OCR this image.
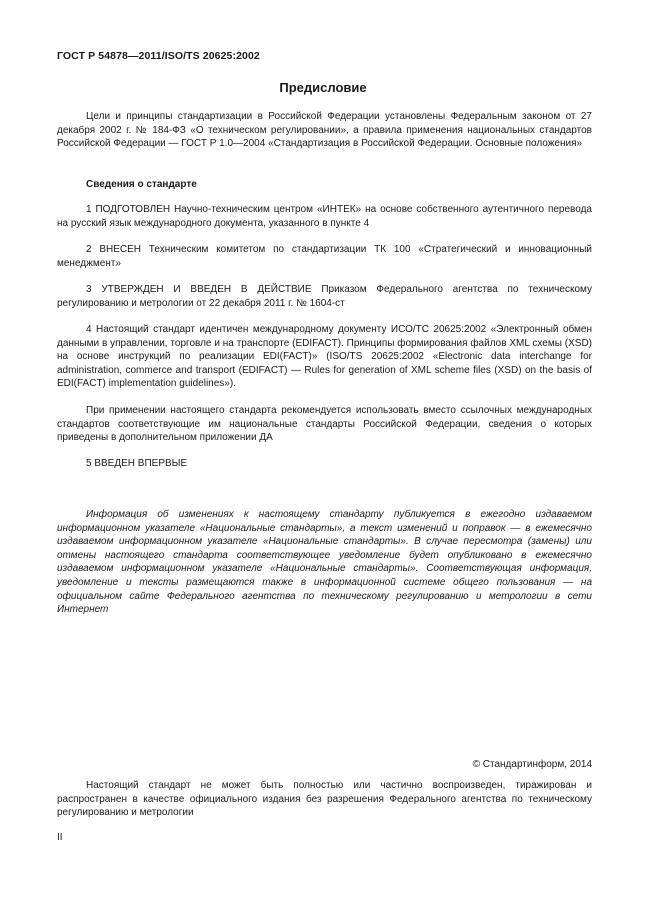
ГОСТ Р 54878—2011/ISO/TS 20625:2002
Предисловие
Цели и принципы стандартизации в Российской Федерации установлены Федеральным законом от 27 декабря 2002 г. № 184-ФЗ «О техническом регулировании», а правила применения национальных стандартов Российской Федерации — ГОСТ Р 1.0—2004 «Стандартизация в Российской Федерации. Основные положения»
Сведения о стандарте
1 ПОДГОТОВЛЕН Научно-техническим центром «ИНТЕК» на основе собственного аутентичного перевода на русский язык международного документа, указанного в пункте 4
2 ВНЕСЕН Техническим комитетом по стандартизации ТК 100 «Стратегический и инновационный менеджмент»
3 УТВЕРЖДЕН И ВВЕДЕН В ДЕЙСТВИЕ Приказом Федерального агентства по техническому регулированию и метрологии от 22 декабря 2011 г. № 1604-ст
4 Настоящий стандарт идентичен международному документу ИСО/ТС 20625:2002 «Электронный обмен данными в управлении, торговле и на транспорте (EDIFACT). Принципы формирования файлов XML схемы (XSD) на основе инструкций по реализации EDI(FACT)» (ISO/TS 20625:2002 «Electronic data interchange for administration, commerce and transport (EDIFACT) — Rules for generation of XML scheme files (XSD) on the basis of EDI(FACT) implementation guidelines»).
При применении настоящего стандарта рекомендуется использовать вместо ссылочных международных стандартов соответствующие им национальные стандарты Российской Федерации, сведения о которых приведены в дополнительном приложении ДА
5 ВВЕДЕН ВПЕРВЫЕ
Информация об изменениях к настоящему стандарту публикуется в ежегодно издаваемом информационном указателе «Национальные стандарты», а текст изменений и поправок — в ежемесячно издаваемом информационном указателе «Национальные стандарты». В случае пересмотра (замены) или отмены настоящего стандарта соответствующее уведомление будет опубликовано в ежемесячно издаваемом информационном указателе «Национальные стандарты». Соответствующая информация, уведомление и тексты размещаются также в информационной системе общего пользования — на официальном сайте Федерального агентства по техническому регулированию и метрологии в сети Интернет
© Стандартинформ, 2014
Настоящий стандарт не может быть полностью или частично воспроизведен, тиражирован и распространен в качестве официального издания без разрешения Федерального агентства по техническому регулированию и метрологии
II
